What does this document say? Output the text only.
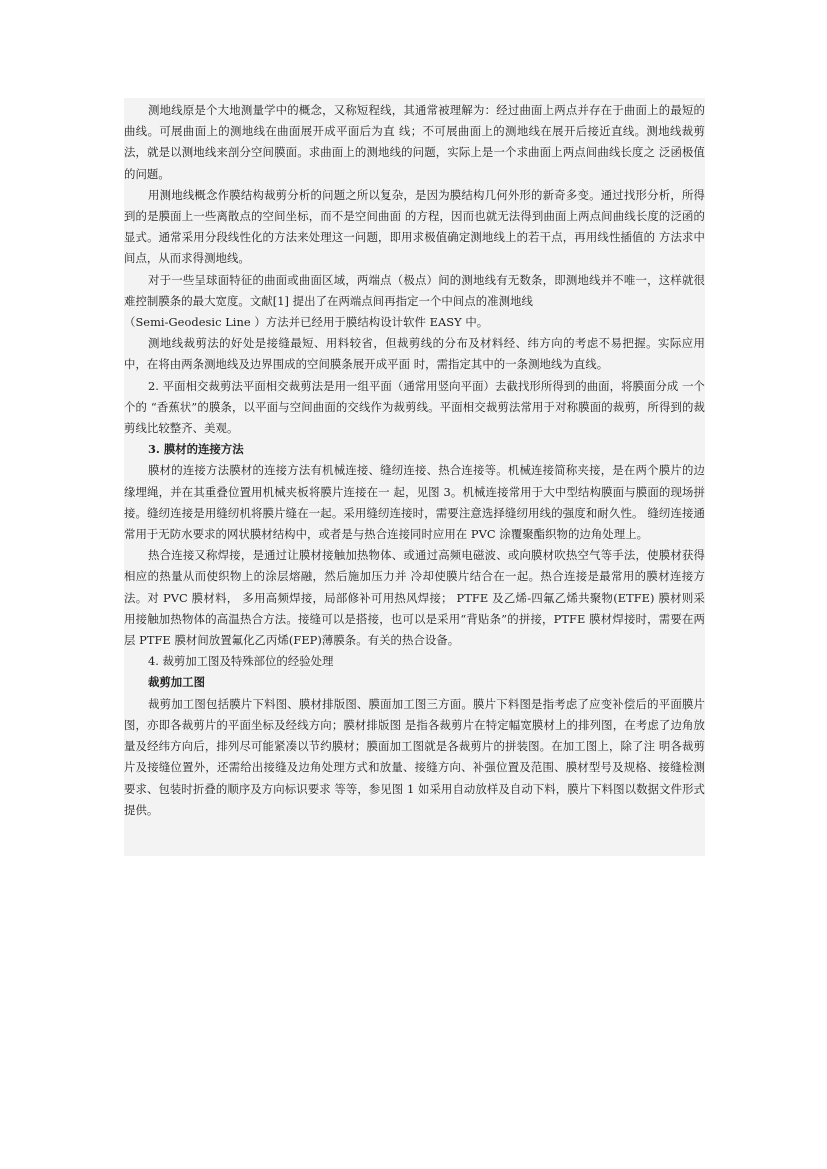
测地线原是个大地测量学中的概念，又称短程线，其通常被理解为：经过曲面上两点并存在于曲面上的最短的曲线。可展曲面上的测地线在曲面展开成平面后为直 线；不可展曲面上的测地线在展开后接近直线。测地线裁剪法，就是以测地线来剖分空间膜面。求曲面上的测地线的问题，实际上是一个求曲面上两点间曲线长度之 泛函极值的问题。

用测地线概念作膜结构裁剪分析的问题之所以复杂，是因为膜结构几何外形的新奇多变。通过找形分析，所得到的是膜面上一些离散点的空间坐标，而不是空间曲面 的方程，因而也就无法得到曲面上两点间曲线长度的泛函的显式。通常采用分段线性化的方法来处理这一问题，即用求极值确定测地线上的若干点，再用线性插值的 方法求中间点，从而求得测地线。

对于一些呈球面特征的曲面或曲面区域，两端点（极点）间的测地线有无数条，即测地线并不唯一，这样就很难控制膜条的最大宽度。文献[1] 提出了在两端点间再指定一个中间点的准测地线

（Semi-Geodesic Line ）方法并已经用于膜结构设计软件 EASY 中。

测地线裁剪法的好处是接缝最短、用料较省，但裁剪线的分布及材料经、纬方向的考虑不易把握。实际应用中，在将由两条测地线及边界围成的空间膜条展开成平面 时，需指定其中的一条测地线为直线。

2. 平面相交裁剪法平面相交裁剪法是用一组平面（通常用竖向平面）去截找形所得到的曲面，将膜面分成 一个个的 “香蕉状”的膜条，以平面与空间曲面的交线作为裁剪线。平面相交裁剪法常用于对称膜面的裁剪，所得到的裁剪线比较整齐、美观。

3. 膜材的连接方法

膜材的连接方法膜材的连接方法有机械连接、缝纫连接、热合连接等。机械连接简称夹接，是在两个膜片的边缘埋绳，并在其重叠位置用机械夹板将膜片连接在一 起，见图 3。机械连接常用于大中型结构膜面与膜面的现场拼接。缝纫连接是用缝纫机将膜片缝在一起。采用缝纫连接时，需要注意选择缝纫用线的强度和耐久性。 缝纫连接通常用于无防水要求的网状膜材结构中，或者是与热合连接同时应用在 PVC 涂覆聚酯织物的边角处理上。

热合连接又称焊接，是通过让膜材接触加热物体、或通过高频电磁波、或向膜材吹热空气等手法，使膜材获得相应的热量从而使织物上的涂层熔融，然后施加压力并 冷却使膜片结合在一起。热合连接是最常用的膜材连接方法。对 PVC 膜材料， 多用高频焊接，局部修补可用热风焊接； PTFE 及乙烯-四氟乙烯共聚物(ETFE) 膜材则采用接触加热物体的高温热合方法。接缝可以是搭接，也可以是采用“背贴条”的拼接，PTFE 膜材焊接时，需要在两层 PTFE 膜材间放置氟化乙丙烯(FEP)薄膜条。有关的热合设备。

4. 裁剪加工图及特殊部位的经验处理

裁剪加工图

裁剪加工图包括膜片下料图、膜材排版图、膜面加工图三方面。膜片下料图是指考虑了应变补偿后的平面膜片图，亦即各裁剪片的平面坐标及经线方向；膜材排版图 是指各裁剪片在特定幅宽膜材上的排列图，在考虑了边角放量及经纬方向后，排列尽可能紧凑以节约膜材；膜面加工图就是各裁剪片的拼装图。在加工图上，除了注 明各裁剪片及接缝位置外，还需给出接缝及边角处理方式和放量、接缝方向、补强位置及范围、膜材型号及规格、接缝检测要求、包装时折叠的顺序及方向标识要求 等等，参见图 1 如采用自动放样及自动下料，膜片下料图以数据文件形式提供。
